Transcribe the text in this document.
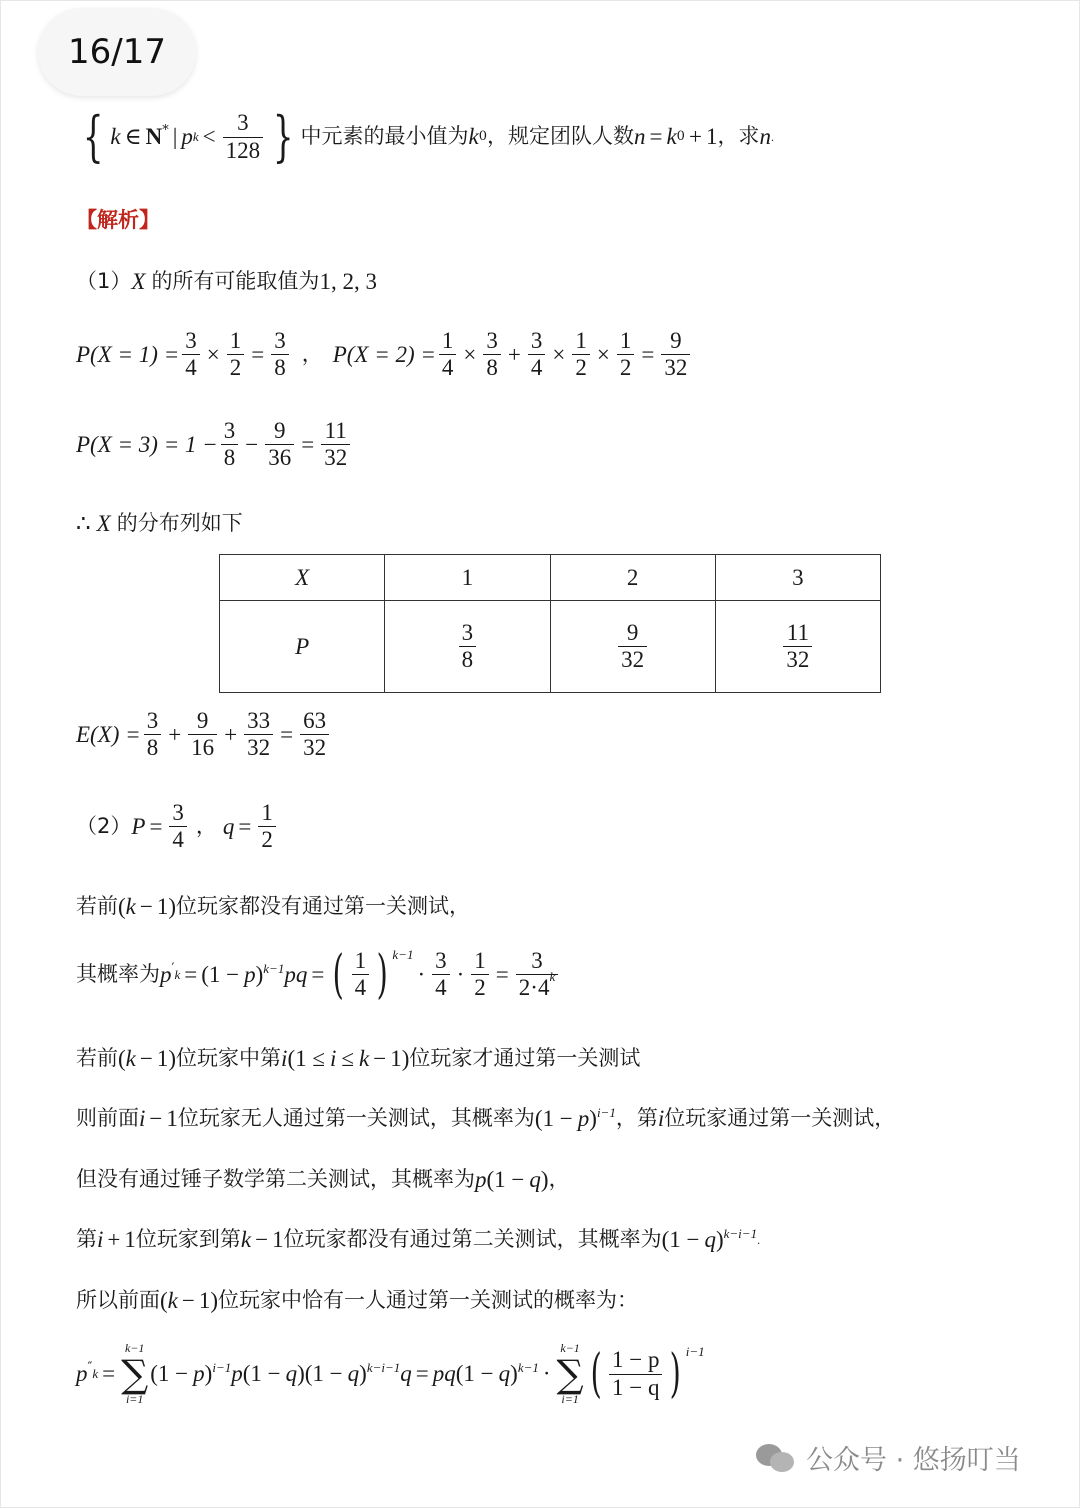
16/17
{ k ∈ N* | p $k < \frac{3}{128}$ } 中元素的最小值为 k 0 ，规定团队人数 n = k 0 + 1 ，求 n .
【解析】
（1） X 的所有可能取值为 1, 2, 3
$P(X = 1) = \frac{3}{4} \times \frac{1}{2} = \frac{3}{8}$ ， $P(X = 2) = \frac{1}{4} \times \frac{3}{8} + \frac{3}{4} \times \frac{1}{2} \times \frac{1}{2} = \frac{9}{32}$
$P(X = 3) = 1 - \frac{3}{8} - \frac{9}{36} = \frac{11}{32}$
∴ X 的分布列如下
X	1	2	3
P	$\frac{3}{8}$	$\frac{9}{32}$	$\frac{11}{32}$
$E(X) = \frac{3}{8} + \frac{9}{16} + \frac{33}{32} = \frac{63}{32}$
（2） $P = \frac{3}{4}$ ， $q = \frac{1}{2}$
若前 ( k − 1) 位玩家都没有通过第一关测试，
其概率为 $p'_k = (1 - p$ )$^{k-1}$ pq = ( $\frac{1}{4}$ ) $^{k-1}$
· $\frac{3}{4} \cdot \frac{1}{2} = \frac{3}{2\cdot 4^k}$
若前 ( k − 1) 位玩家中第 i (1 ≤ i ≤ k − 1) 位玩家才通过第一关测试
则前面 i − 1 位玩家无人通过第一关测试，其概率为 (1 − p )$^{i-1}$ ，第 i 位玩家通过第一关测试，
但没有通过锤子数学第二关测试，其概率为 p (1 − q ) ，
第 i + 1 位玩家到第 k − 1 位玩家都没有通过第二关测试，其概率为 (1 − q )$^{k-i-1}$ .
所以前面 ( k − 1) 位玩家中恰有一人通过第一关测试的概率为：
$p''_k$ =
k−1
∑
i=1
(1 − p )$^{i-1}$ p (1 − q )(1 − q )$^{k-i-1}$ q = pq (1 − q )$^{k-1}$ ·
k−1
∑
i=1 ( $\frac{1 - p}{1 - q}$ ) $^{i-1}$
公众号 · 悠扬叮当
